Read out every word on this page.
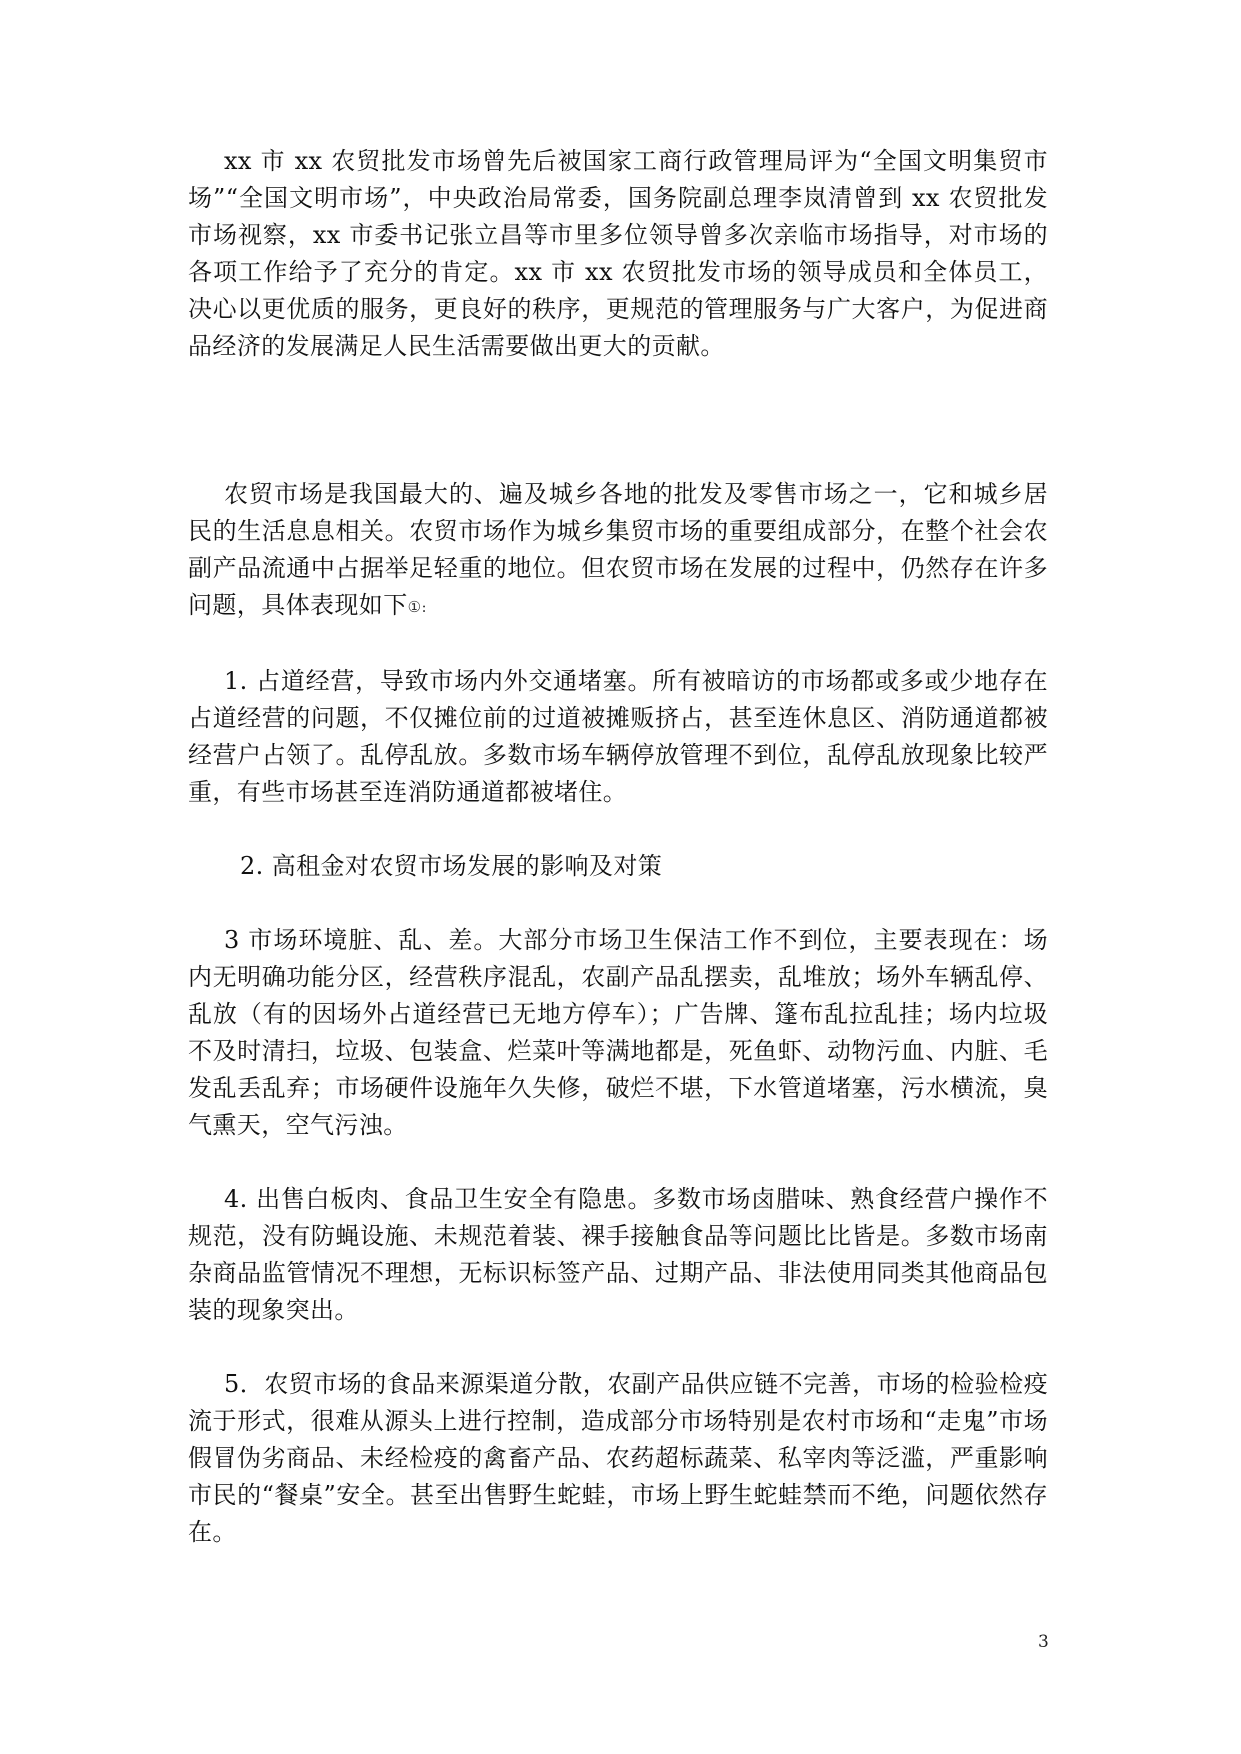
xx 市 xx 农贸批发市场曾先后被国家工商行政管理局评为“全国文明集贸市场”“全国文明市场”，中央政治局常委，国务院副总理李岚清曾到 xx 农贸批发市场视察，xx 市委书记张立昌等市里多位领导曾多次亲临市场指导，对市场的各项工作给予了充分的肯定。xx 市 xx 农贸批发市场的领导成员和全体员工，决心以更优质的服务，更良好的秩序，更规范的管理服务与广大客户，为促进商品经济的发展满足人民生活需要做出更大的贡献。

农贸市场是我国最大的、遍及城乡各地的批发及零售市场之一，它和城乡居民的生活息息相关。农贸市场作为城乡集贸市场的重要组成部分，在整个社会农副产品流通中占据举足轻重的地位。但农贸市场在发展的过程中，仍然存在许多问题，具体表现如下①:

1. 占道经营，导致市场内外交通堵塞。所有被暗访的市场都或多或少地存在占道经营的问题，不仅摊位前的过道被摊贩挤占，甚至连休息区、消防通道都被经营户占领了。乱停乱放。多数市场车辆停放管理不到位，乱停乱放现象比较严重，有些市场甚至连消防通道都被堵住。

2. 高租金对农贸市场发展的影响及对策

3 市场环境脏、乱、差。大部分市场卫生保洁工作不到位，主要表现在：场内无明确功能分区，经营秩序混乱，农副产品乱摆卖，乱堆放；场外车辆乱停、乱放（有的因场外占道经营已无地方停车）；广告牌、篷布乱拉乱挂；场内垃圾不及时清扫，垃圾、包装盒、烂菜叶等满地都是，死鱼虾、动物污血、内脏、毛发乱丢乱弃；市场硬件设施年久失修，破烂不堪，下水管道堵塞，污水横流，臭气熏天，空气污浊。

4. 出售白板肉、食品卫生安全有隐患。多数市场卤腊味、熟食经营户操作不规范，没有防蝇设施、未规范着装、裸手接触食品等问题比比皆是。多数市场南杂商品监管情况不理想，无标识标签产品、过期产品、非法使用同类其他商品包装的现象突出。

5．农贸市场的食品来源渠道分散，农副产品供应链不完善，市场的检验检疫流于形式，很难从源头上进行控制，造成部分市场特别是农村市场和“走鬼”市场假冒伪劣商品、未经检疫的禽畜产品、农药超标蔬菜、私宰肉等泛滥，严重影响市民的“餐桌”安全。甚至出售野生蛇蛙，市场上野生蛇蛙禁而不绝，问题依然存在。

3
